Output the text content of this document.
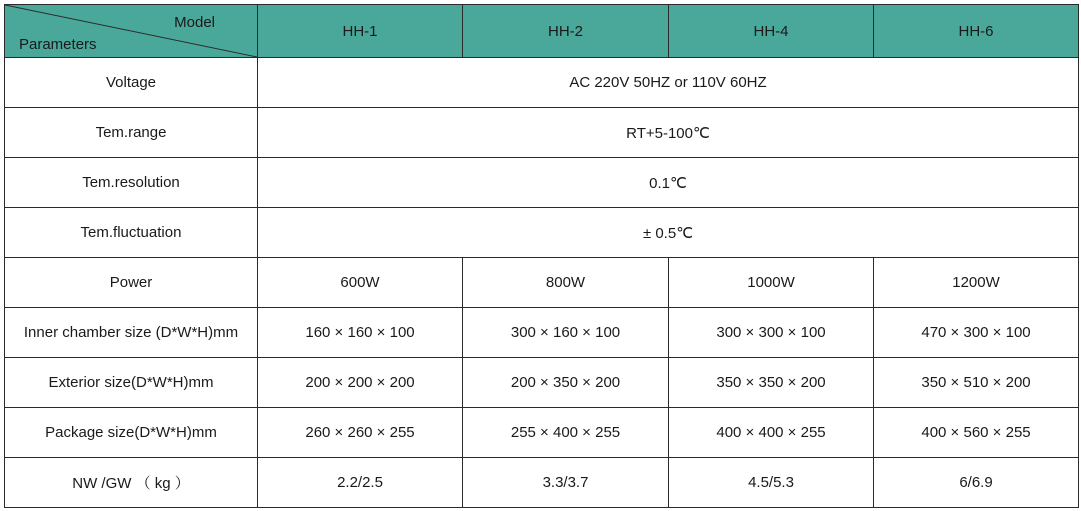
Model
Parameters	HH-1	HH-2	HH-4	HH-6
Voltage	AC 220V 50HZ or 110V 60HZ			
Tem.range	RT+5-100℃			
Tem.resolution	0.1℃			
Tem.fluctuation	± 0.5℃			
Power	600W	800W	1000W	1200W
Inner chamber size (D*W*H)mm	160 × 160 × 100	300 × 160 × 100	300 × 300 × 100	470 × 300 × 100
Exterior size(D*W*H)mm	200 × 200 × 200	200 × 350 × 200	350 × 350 × 200	350 × 510 × 200
Package size(D*W*H)mm	260 × 260 × 255	255 × 400 × 255	400 × 400 × 255	400 × 560 × 255
NW /GW （ kg ）	2.2/2.5	3.3/3.7	4.5/5.3	6/6.9
